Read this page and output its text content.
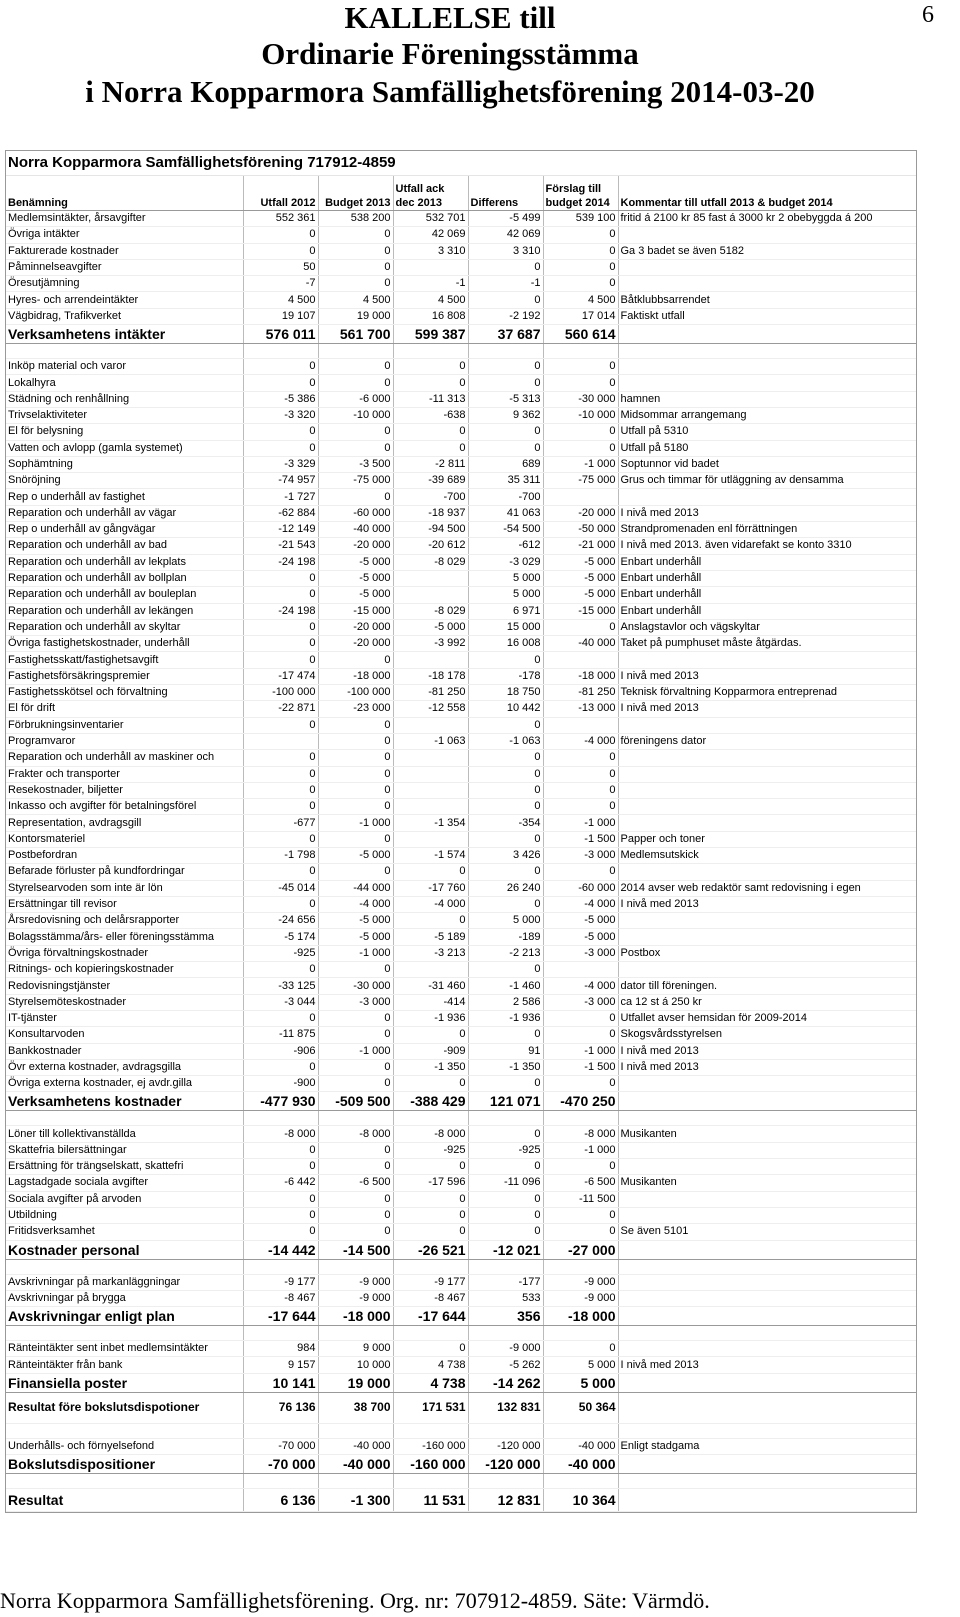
KALLELSE till
Ordinarie Föreningsstämma
i Norra Kopparmora Samfällighetsförening 2014-03-20
6
Norra Kopparmora Samfällighetsförening 717912-4859
Benämning	Utfall 2012	Budget 2013	Utfall ack dec 2013	Differens	Förslag till budget 2014	Kommentar till utfall 2013 & budget 2014
Medlemsintäkter, årsavgifter	552 361	538 200	532 701	-5 499	539 100	fritid á 2100 kr 85 fast á 3000 kr 2 obebyggda á 200
Övriga intäkter	0	0	42 069	42 069	0	
Fakturerade kostnader	0	0	3 310	3 310	0	Ga 3 badet se även 5182
Påminnelseavgifter	50	0		0	0	
Öresutjämning	-7	0	-1	-1	0	
Hyres- och arrendeintäkter	4 500	4 500	4 500	0	4 500	Båtklubbsarrendet
Vägbidrag, Trafikverket	19 107	19 000	16 808	-2 192	17 014	Faktiskt utfall
Verksamhetens intäkter	576 011	561 700	599 387	37 687	560 614	

Inköp material och varor	0	0	0	0	0	
Lokalhyra	0	0	0	0	0	
Städning och renhållning	-5 386	-6 000	-11 313	-5 313	-30 000	hamnen
Trivselaktiviteter	-3 320	-10 000	-638	9 362	-10 000	Midsommar arrangemang
El för belysning	0	0	0	0	0	Utfall på 5310
Vatten och avlopp (gamla systemet)	0	0	0	0	0	Utfall på 5180
Sophämtning	-3 329	-3 500	-2 811	689	-1 000	Soptunnor vid badet
Snöröjning	-74 957	-75 000	-39 689	35 311	-75 000	Grus och timmar för utläggning av densamma
Rep o underhåll av fastighet	-1 727	0	-700	-700		
Reparation och underhåll av vägar	-62 884	-60 000	-18 937	41 063	-20 000	I nivå med 2013
Rep o underhåll av gångvägar	-12 149	-40 000	-94 500	-54 500	-50 000	Strandpromenaden enl förrättningen
Reparation och underhåll av bad	-21 543	-20 000	-20 612	-612	-21 000	I nivå med 2013. även vidarefakt se konto 3310
Reparation och underhåll av lekplats	-24 198	-5 000	-8 029	-3 029	-5 000	Enbart underhåll
Reparation och underhåll av bollplan	0	-5 000		5 000	-5 000	Enbart underhåll
Reparation och underhåll av bouleplan	0	-5 000		5 000	-5 000	Enbart underhåll
Reparation och underhåll av lekängen	-24 198	-15 000	-8 029	6 971	-15 000	Enbart underhåll
Reparation och underhåll av skyltar	0	-20 000	-5 000	15 000	0	Anslagstavlor och vägskyltar
Övriga fastighetskostnader, underhåll	0	-20 000	-3 992	16 008	-40 000	Taket på pumphuset måste åtgärdas.
Fastighetsskatt/fastighetsavgift	0	0		0		
Fastighetsförsäkringspremier	-17 474	-18 000	-18 178	-178	-18 000	I nivå med 2013
Fastighetsskötsel och förvaltning	-100 000	-100 000	-81 250	18 750	-81 250	Teknisk förvaltning Kopparmora entreprenad
El för drift	-22 871	-23 000	-12 558	10 442	-13 000	I nivå med 2013
Förbrukningsinventarier	0	0		0		
Programvaror		0	-1 063	-1 063	-4 000	föreningens dator
Reparation och underhåll av maskiner och	0	0		0	0	
Frakter och transporter	0	0		0	0	
Resekostnader, biljetter	0	0		0	0	
Inkasso och avgifter för betalningsförel	0	0		0	0	
Representation, avdragsgill	-677	-1 000	-1 354	-354	-1 000	
Kontorsmateriel	0	0		0	-1 500	Papper och toner
Postbefordran	-1 798	-5 000	-1 574	3 426	-3 000	Medlemsutskick
Befarade förluster på kundfordringar	0	0	0	0	0	
Styrelsearvoden som inte är lön	-45 014	-44 000	-17 760	26 240	-60 000	2014 avser web redaktör samt redovisning i egen
Ersättningar till revisor	0	-4 000	-4 000	0	-4 000	I nivå med 2013
Årsredovisning och delårsrapporter	-24 656	-5 000	0	5 000	-5 000	
Bolagsstämma/års- eller föreningsstämma	-5 174	-5 000	-5 189	-189	-5 000	
Övriga förvaltningskostnader	-925	-1 000	-3 213	-2 213	-3 000	Postbox
Ritnings- och kopieringskostnader	0	0		0		
Redovisningstjänster	-33 125	-30 000	-31 460	-1 460	-4 000	dator till föreningen.
Styrelsemöteskostnader	-3 044	-3 000	-414	2 586	-3 000	ca 12 st á 250 kr
IT-tjänster	0	0	-1 936	-1 936	0	Utfallet avser hemsidan för 2009-2014
Konsultarvoden	-11 875	0	0	0	0	Skogsvårdsstyrelsen
Bankkostnader	-906	-1 000	-909	91	-1 000	I nivå med 2013
Övr externa kostnader, avdragsgilla	0	0	-1 350	-1 350	-1 500	I nivå med 2013
Övriga externa kostnader, ej avdr.gilla	-900	0	0	0	0	
Verksamhetens kostnader	-477 930	-509 500	-388 429	121 071	-470 250	

Löner till kollektivanställda	-8 000	-8 000	-8 000	0	-8 000	Musikanten
Skattefria bilersättningar	0	0	-925	-925	-1 000	
Ersättning för trängselskatt, skattefri	0	0	0	0	0	
Lagstadgade sociala avgifter	-6 442	-6 500	-17 596	-11 096	-6 500	Musikanten
Sociala avgifter på arvoden	0	0	0	0	-11 500	
Utbildning	0	0	0	0	0	
Fritidsverksamhet	0	0	0	0	0	Se även 5101
Kostnader personal	-14 442	-14 500	-26 521	-12 021	-27 000	

Avskrivningar på markanläggningar	-9 177	-9 000	-9 177	-177	-9 000	
Avskrivningar på brygga	-8 467	-9 000	-8 467	533	-9 000	
Avskrivningar enligt plan	-17 644	-18 000	-17 644	356	-18 000	

Ränteintäkter sent inbet medlemsintäkter	984	9 000	0	-9 000	0	
Ränteintäkter från bank	9 157	10 000	4 738	-5 262	5 000	I nivå med 2013
Finansiella poster	10 141	19 000	4 738	-14 262	5 000	
Resultat före bokslutsdispotioner	76 136	38 700	171 531	132 831	50 364	

Underhålls- och förnyelsefond	-70 000	-40 000	-160 000	-120 000	-40 000	Enligt stadgama
Bokslutsdispositioner	-70 000	-40 000	-160 000	-120 000	-40 000	

Resultat	6 136	-1 300	11 531	12 831	10 364	
Norra Kopparmora Samfällighetsförening. Org. nr: 707912-4859. Säte: Värmdö.
